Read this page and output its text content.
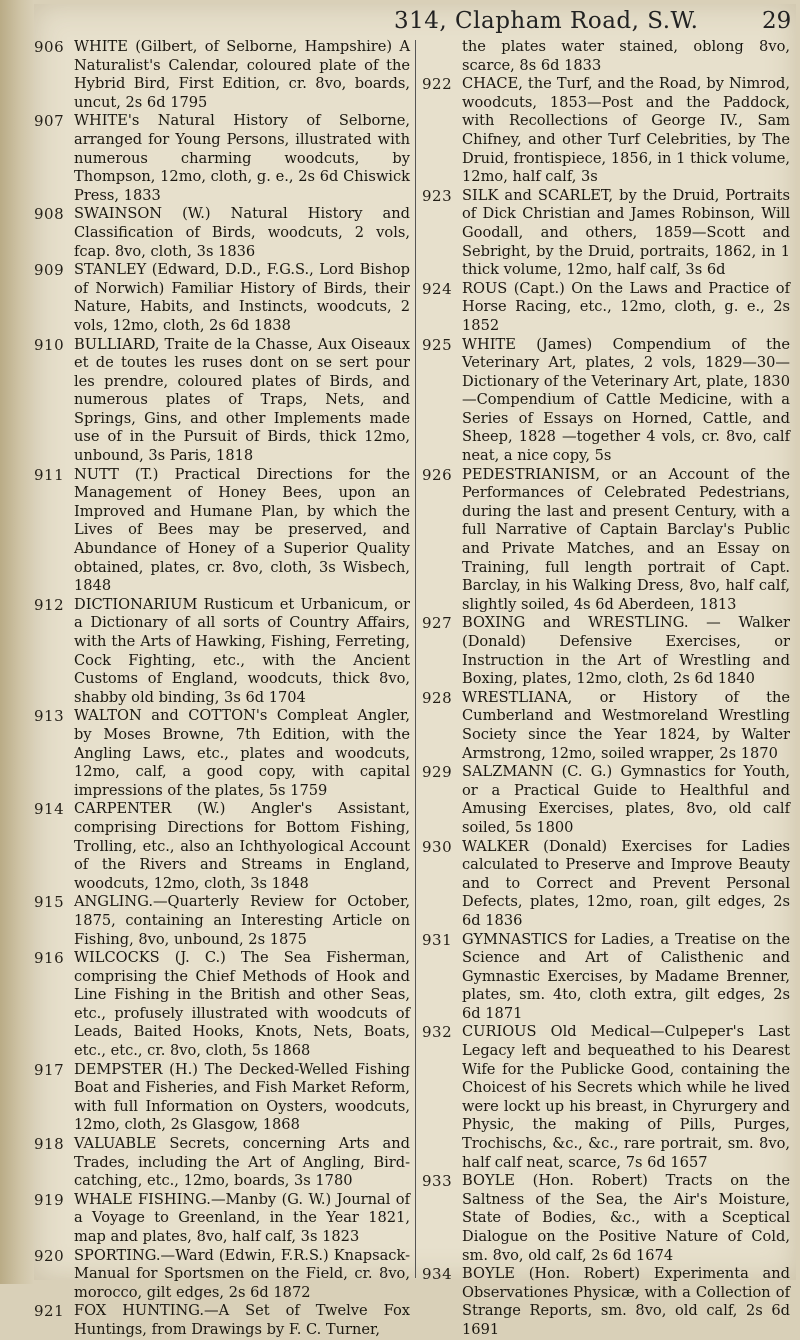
314, Clapham Road, S.W.	29
906 WHITE (Gilbert, of Selborne, Hampshire) A Naturalist's Calendar, coloured plate of the Hybrid Bird, First Edition, cr. 8vo, boards, uncut, 2s 6d 1795
907 WHITE's Natural History of Selborne, arranged for Young Persons, illustrated with numerous charming woodcuts, by Thompson, 12mo, cloth, g. e., 2s 6d Chiswick Press, 1833
908 SWAINSON (W.) Natural History and Classification of Birds, woodcuts, 2 vols, fcap. 8vo, cloth, 3s 1836
909 STANLEY (Edward, D.D., F.G.S., Lord Bishop of Norwich) Familiar History of Birds, their Nature, Habits, and Instincts, woodcuts, 2 vols, 12mo, cloth, 2s 6d 1838
910 BULLIARD, Traite de la Chasse, Aux Oiseaux et de toutes les ruses dont on se sert pour les prendre, coloured plates of Birds, and numerous plates of Traps, Nets, and Springs, Gins, and other Implements made use of in the Pursuit of Birds, thick 12mo, unbound, 3s Paris, 1818
911 NUTT (T.) Practical Directions for the Management of Honey Bees, upon an Improved and Humane Plan, by which the Lives of Bees may be preserved, and Abundance of Honey of a Superior Quality obtained, plates, cr. 8vo, cloth, 3s Wisbech, 1848
912 DICTIONARIUM Rusticum et Urbanicum, or a Dictionary of all sorts of Country Affairs, with the Arts of Hawking, Fishing, Ferreting, Cock Fighting, etc., with the Ancient Customs of England, woodcuts, thick 8vo, shabby old binding, 3s 6d 1704
913 WALTON and COTTON's Compleat Angler, by Moses Browne, 7th Edition, with the Angling Laws, etc., plates and woodcuts, 12mo, calf, a good copy, with capital impressions of the plates, 5s 1759
914 CARPENTER (W.) Angler's Assistant, comprising Directions for Bottom Fishing, Trolling, etc., also an Ichthyological Account of the Rivers and Streams in England, woodcuts, 12mo, cloth, 3s 1848
915 ANGLING.—Quarterly Review for October, 1875, containing an Interesting Article on Fishing, 8vo, unbound, 2s 1875
916 WILCOCKS (J. C.) The Sea Fisherman, comprising the Chief Methods of Hook and Line Fishing in the British and other Seas, etc., profusely illustrated with woodcuts of Leads, Baited Hooks, Knots, Nets, Boats, etc., etc., cr. 8vo, cloth, 5s 1868
917 DEMPSTER (H.) The Decked-Welled Fishing Boat and Fisheries, and Fish Market Reform, with full Information on Oysters, woodcuts, 12mo, cloth, 2s Glasgow, 1868
918 VALUABLE Secrets, concerning Arts and Trades, including the Art of Angling, Bird-catching, etc., 12mo, boards, 3s 1780
919 WHALE FISHING.—Manby (G. W.) Journal of a Voyage to Greenland, in the Year 1821, map and plates, 8vo, half calf, 3s 1823
920 SPORTING.—Ward (Edwin, F.R.S.) Knapsack-Manual for Sportsmen on the Field, cr. 8vo, morocco, gilt edges, 2s 6d 1872
921 FOX HUNTING.—A Set of Twelve Fox Huntings, from Drawings by F. C. Turner,
the plates water stained, oblong 8vo, scarce, 8s 6d 1833
922 CHACE, the Turf, and the Road, by Nimrod, woodcuts, 1853—Post and the Paddock, with Recollections of George IV., Sam Chifney, and other Turf Celebrities, by The Druid, frontispiece, 1856, in 1 thick volume, 12mo, half calf, 3s
923 SILK and SCARLET, by the Druid, Portraits of Dick Christian and James Robinson, Will Goodall, and others, 1859—Scott and Sebright, by the Druid, portraits, 1862, in 1 thick volume, 12mo, half calf, 3s 6d
924 ROUS (Capt.) On the Laws and Practice of Horse Racing, etc., 12mo, cloth, g. e., 2s 1852
925 WHITE (James) Compendium of the Veterinary Art, plates, 2 vols, 1829—30—Dictionary of the Veterinary Art, plate, 1830—Compendium of Cattle Medicine, with a Series of Essays on Horned, Cattle, and Sheep, 1828 —together 4 vols, cr. 8vo, calf neat, a nice copy, 5s
926 PEDESTRIANISM, or an Account of the Performances of Celebrated Pedestrians, during the last and present Century, with a full Narrative of Captain Barclay's Public and Private Matches, and an Essay on Training, full length portrait of Capt. Barclay, in his Walking Dress, 8vo, half calf, slightly soiled, 4s 6d Aberdeen, 1813
927 BOXING and WRESTLING. — Walker (Donald) Defensive Exercises, or Instruction in the Art of Wrestling and Boxing, plates, 12mo, cloth, 2s 6d 1840
928 WRESTLIANA, or History of the Cumberland and Westmoreland Wrestling Society since the Year 1824, by Walter Armstrong, 12mo, soiled wrapper, 2s 1870
929 SALZMANN (C. G.) Gymnastics for Youth, or a Practical Guide to Healthful and Amusing Exercises, plates, 8vo, old calf soiled, 5s 1800
930 WALKER (Donald) Exercises for Ladies calculated to Preserve and Improve Beauty and to Correct and Prevent Personal Defects, plates, 12mo, roan, gilt edges, 2s 6d 1836
931 GYMNASTICS for Ladies, a Treatise on the Science and Art of Calisthenic and Gymnastic Exercises, by Madame Brenner, plates, sm. 4to, cloth extra, gilt edges, 2s 6d 1871
932 CURIOUS Old Medical—Culpeper's Last Legacy left and bequeathed to his Dearest Wife for the Publicke Good, containing the Choicest of his Secrets which while he lived were lockt up his breast, in Chyrurgery and Physic, the making of Pills, Purges, Trochischs, &c., &c., rare portrait, sm. 8vo, half calf neat, scarce, 7s 6d 1657
933 BOYLE (Hon. Robert) Tracts on the Saltness of the Sea, the Air's Moisture, State of Bodies, &c., with a Sceptical Dialogue on the Positive Nature of Cold, sm. 8vo, old calf, 2s 6d 1674
934 BOYLE (Hon. Robert) Experimenta and Observationes Physicæ, with a Collection of Strange Reports, sm. 8vo, old calf, 2s 6d 1691
